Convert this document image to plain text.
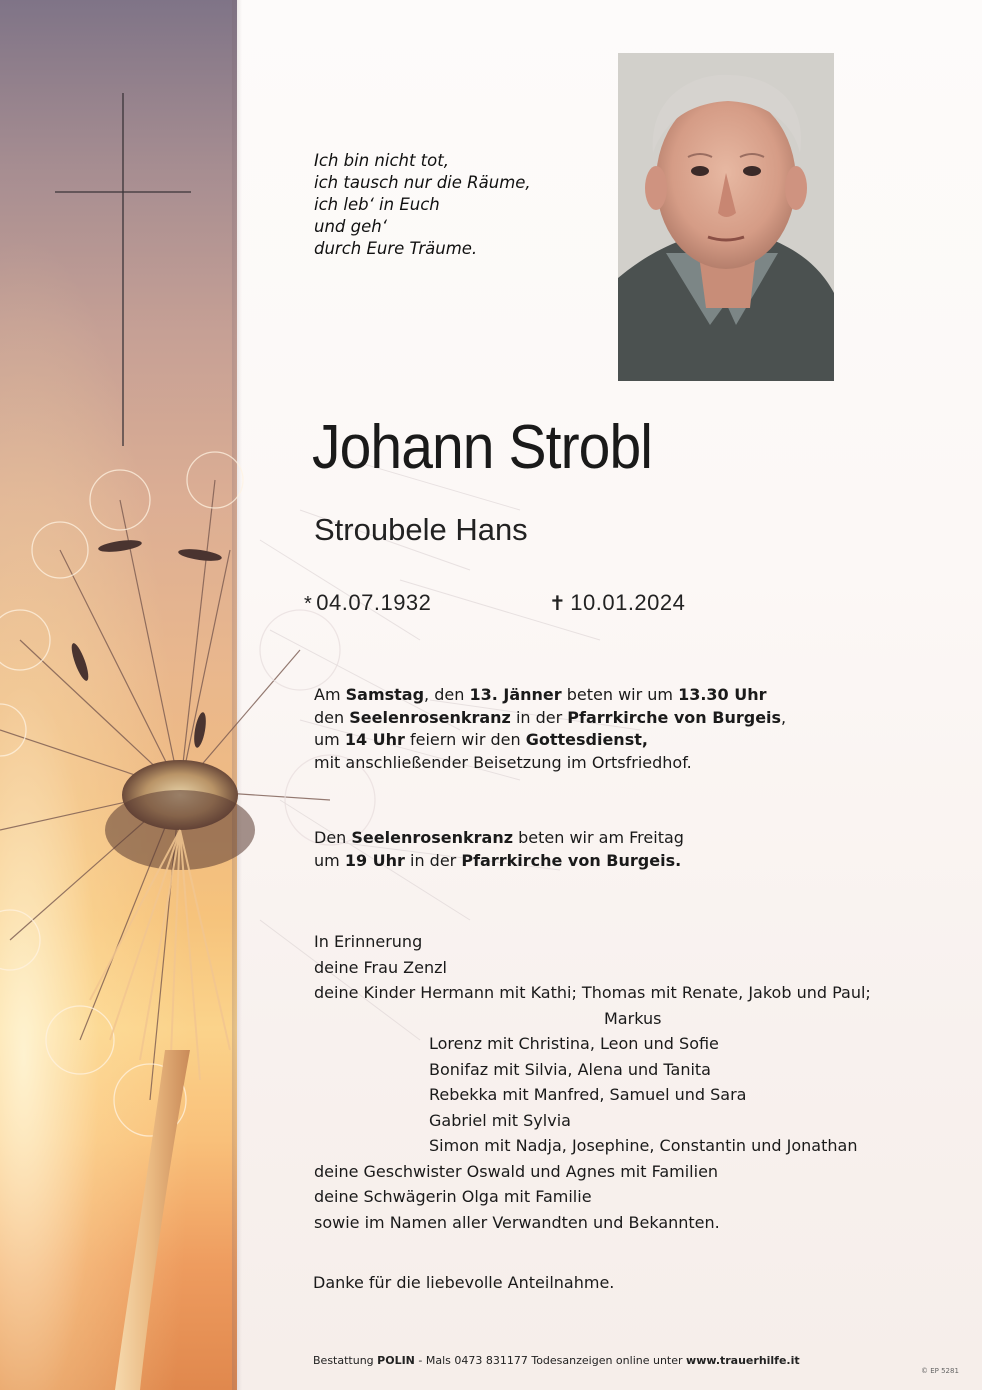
Ich bin nicht tot,
ich tausch nur die Räume,
ich leb‘ in Euch
und geh‘
durch Eure Träume.
Johann Strobl
Stroubele Hans
* 04.07.1932	✝ 10.01.2024
Am Samstag, den 13. Jänner beten wir um 13.30 Uhr
den Seelenrosenkranz in der Pfarrkirche von Burgeis,
um 14 Uhr feiern wir den Gottesdienst,
mit anschließender Beisetzung im Ortsfriedhof.
Den Seelenrosenkranz beten wir am Freitag
um 19 Uhr in der Pfarrkirche von Burgeis.
In Erinnerung
deine Frau Zenzl
deine Kinder Hermann mit Kathi; Thomas mit Renate, Jakob und Paul;
Markus
Lorenz mit Christina, Leon und Sofie
Bonifaz mit Silvia, Alena und Tanita
Rebekka mit Manfred, Samuel und Sara
Gabriel mit Sylvia
Simon mit Nadja, Josephine, Constantin und Jonathan
deine Geschwister Oswald und Agnes mit Familien
deine Schwägerin Olga mit Familie
sowie im Namen aller Verwandten und Bekannten.
Danke für die liebevolle Anteilnahme.
Bestattung POLIN - Mals 0473 831177 Todesanzeigen online unter www.trauerhilfe.it
© EP 5281
